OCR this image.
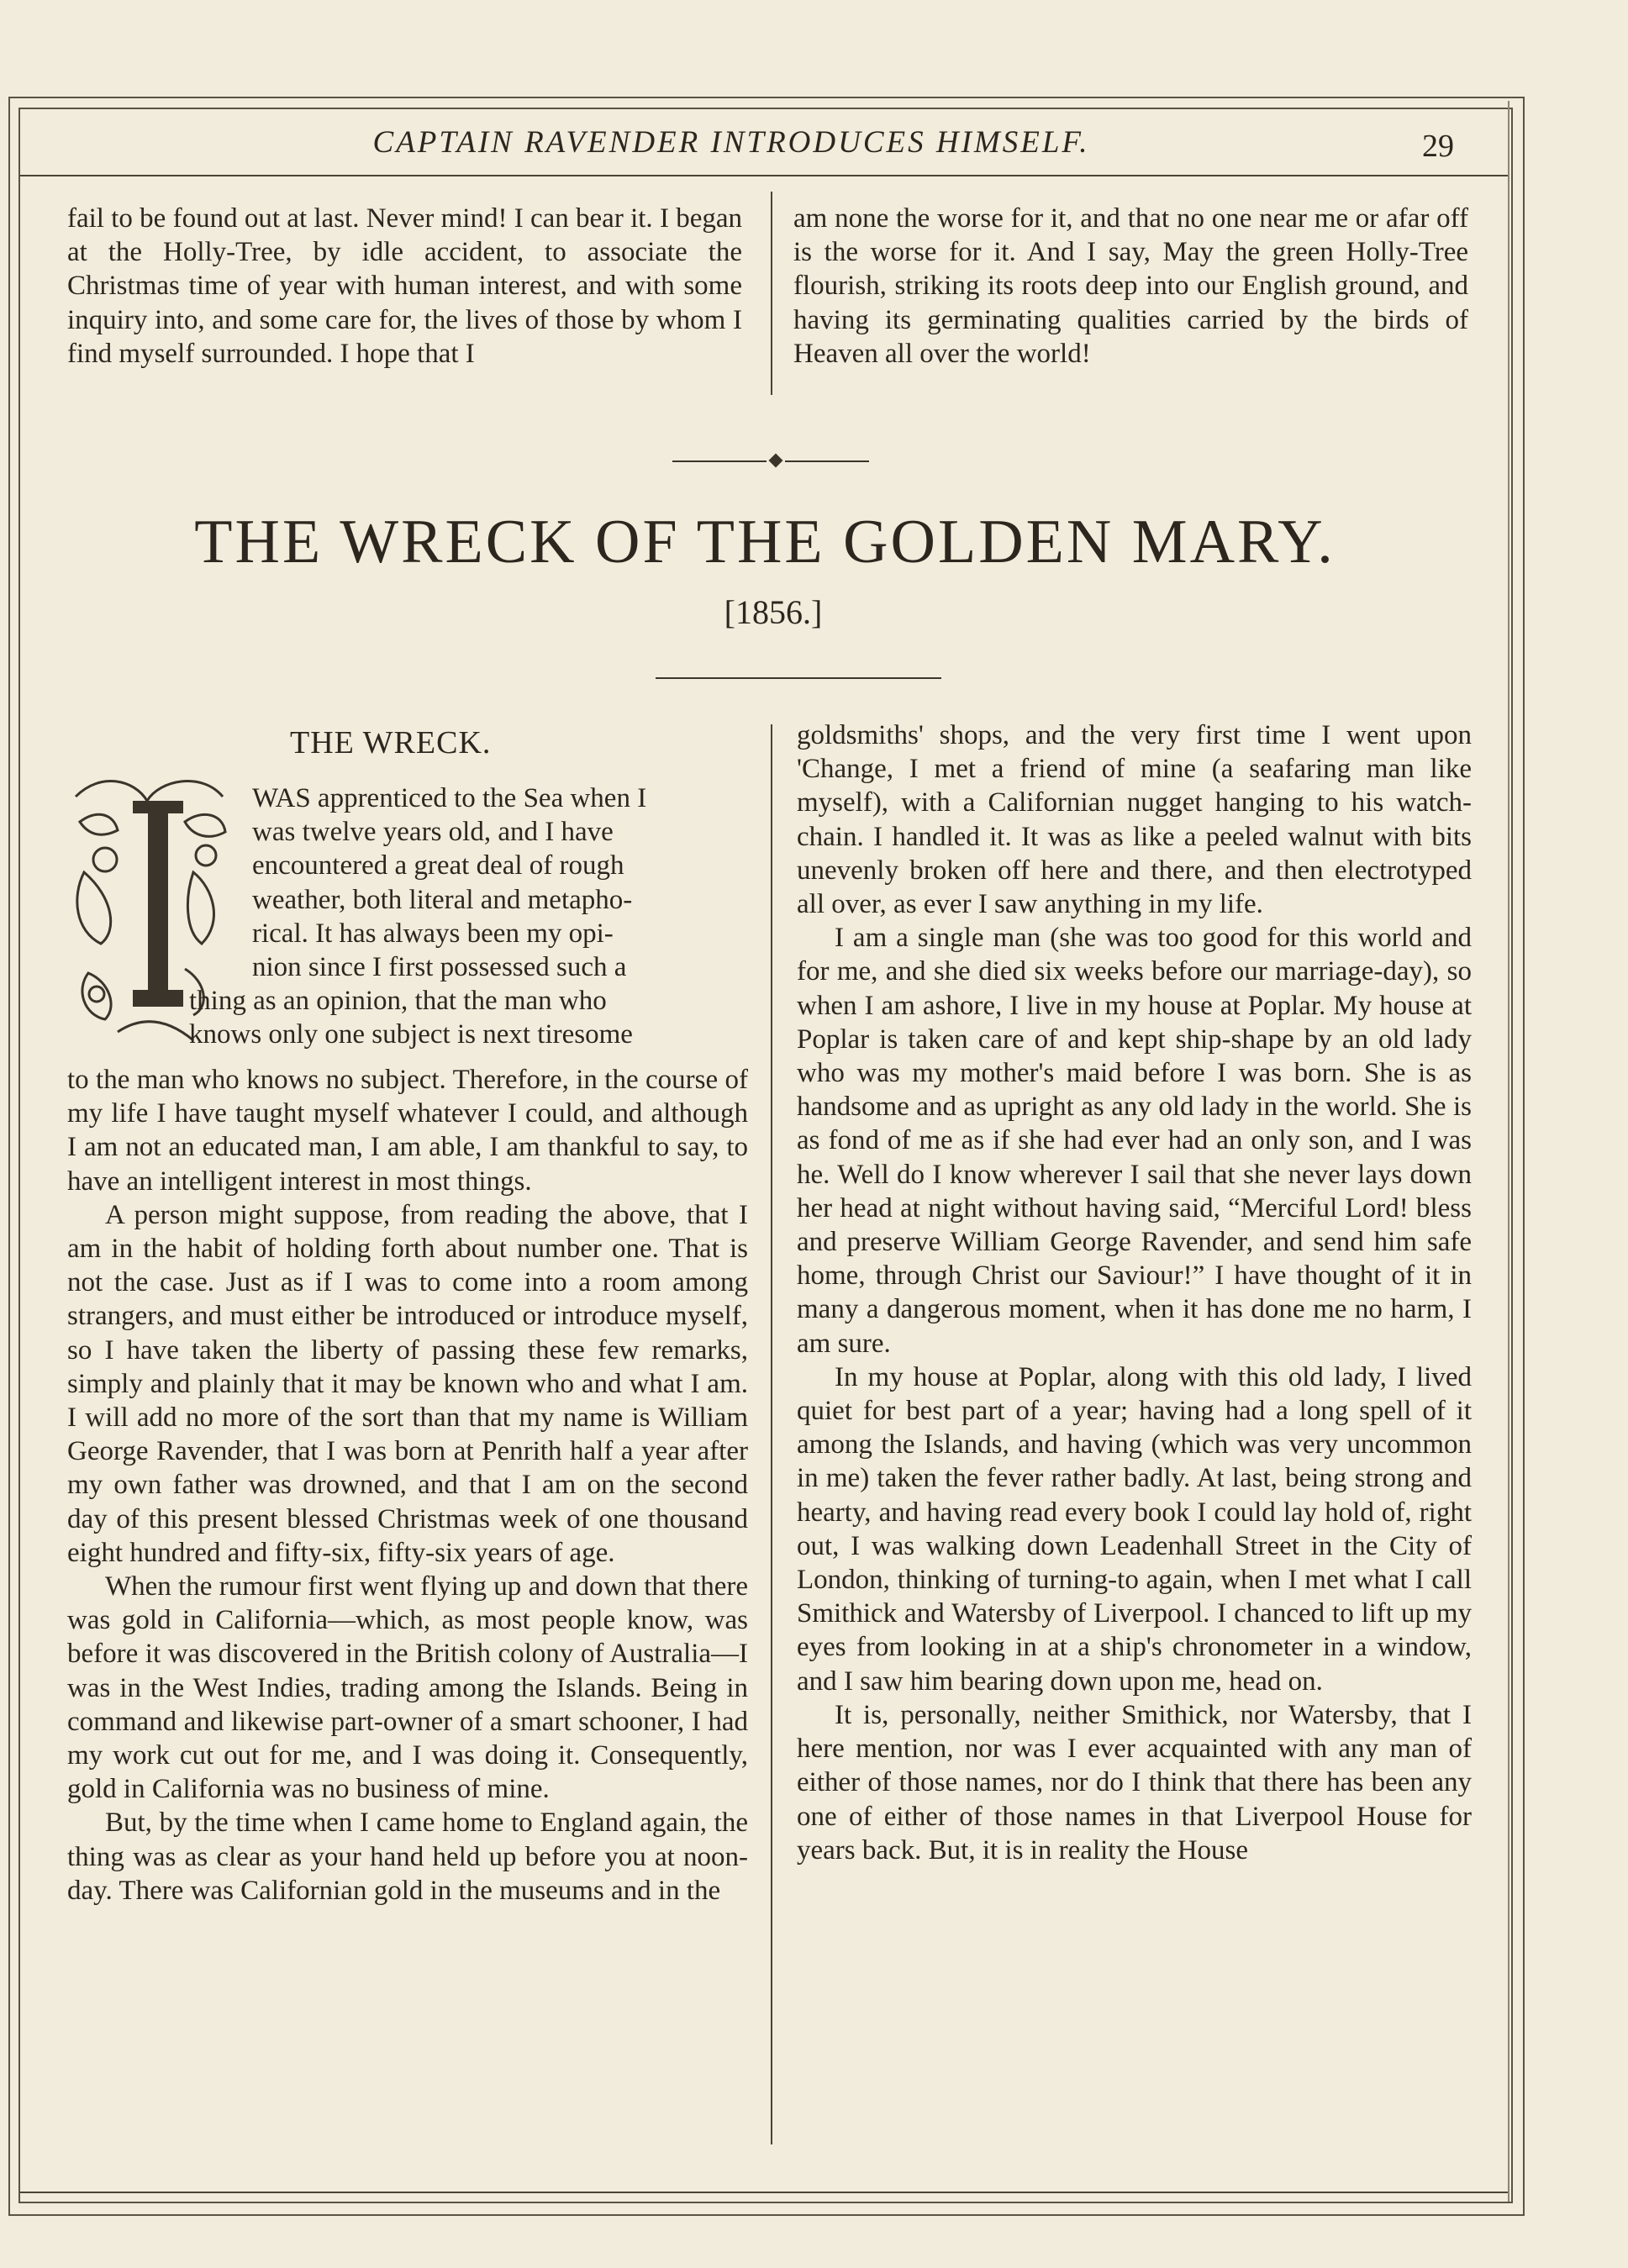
CAPTAIN RAVENDER INTRODUCES HIMSELF.	29

fail to be found out at last. Never mind! I can bear it. I began at the Holly-Tree, by idle accident, to associate the Christmas time of year with human interest, and with some inquiry into, and some care for, the lives of those by whom I find myself surrounded. I hope that I

am none the worse for it, and that no one near me or afar off is the worse for it. And I say, May the green Holly-Tree flourish, striking its roots deep into our English ground, and having its germinating qualities carried by the birds of Heaven all over the world!

THE WRECK OF THE GOLDEN MARY.
[1856.]
THE WRECK.
I
WAS apprenticed to the Sea when I
was twelve years old, and I have
encountered a great deal of rough
weather, both literal and metapho-
rical. It has always been my opi-
nion since I first possessed such a
thing as an opinion, that the man who
knows only one subject is next tiresome

to the man who knows no subject. Therefore, in the course of my life I have taught myself whatever I could, and although I am not an educated man, I am able, I am thankful to say, to have an intelligent interest in most things.

A person might suppose, from reading the above, that I am in the habit of holding forth about number one. That is not the case. Just as if I was to come into a room among strangers, and must either be introduced or introduce myself, so I have taken the liberty of passing these few remarks, simply and plainly that it may be known who and what I am. I will add no more of the sort than that my name is William George Ravender, that I was born at Penrith half a year after my own father was drowned, and that I am on the second day of this present blessed Christmas week of one thousand eight hundred and fifty-six, fifty-six years of age.

When the rumour first went flying up and down that there was gold in California—which, as most people know, was before it was discovered in the British colony of Australia—I was in the West Indies, trading among the Islands. Being in command and likewise part-owner of a smart schooner, I had my work cut out for me, and I was doing it. Consequently, gold in California was no business of mine.

But, by the time when I came home to England again, the thing was as clear as your hand held up before you at noon-day. There was Californian gold in the museums and in the

goldsmiths' shops, and the very first time I went upon 'Change, I met a friend of mine (a seafaring man like myself), with a Californian nugget hanging to his watch-chain. I handled it. It was as like a peeled walnut with bits unevenly broken off here and there, and then electrotyped all over, as ever I saw anything in my life.

I am a single man (she was too good for this world and for me, and she died six weeks before our marriage-day), so when I am ashore, I live in my house at Poplar. My house at Poplar is taken care of and kept ship-shape by an old lady who was my mother's maid before I was born. She is as handsome and as upright as any old lady in the world. She is as fond of me as if she had ever had an only son, and I was he. Well do I know wherever I sail that she never lays down her head at night without having said, “Merciful Lord! bless and preserve William George Ravender, and send him safe home, through Christ our Saviour!” I have thought of it in many a dangerous moment, when it has done me no harm, I am sure.

In my house at Poplar, along with this old lady, I lived quiet for best part of a year; having had a long spell of it among the Islands, and having (which was very uncommon in me) taken the fever rather badly. At last, being strong and hearty, and having read every book I could lay hold of, right out, I was walking down Leadenhall Street in the City of London, thinking of turning-to again, when I met what I call Smithick and Watersby of Liverpool. I chanced to lift up my eyes from looking in at a ship's chronometer in a window, and I saw him bearing down upon me, head on.

It is, personally, neither Smithick, nor Watersby, that I here mention, nor was I ever acquainted with any man of either of those names, nor do I think that there has been any one of either of those names in that Liverpool House for years back. But, it is in reality the House
